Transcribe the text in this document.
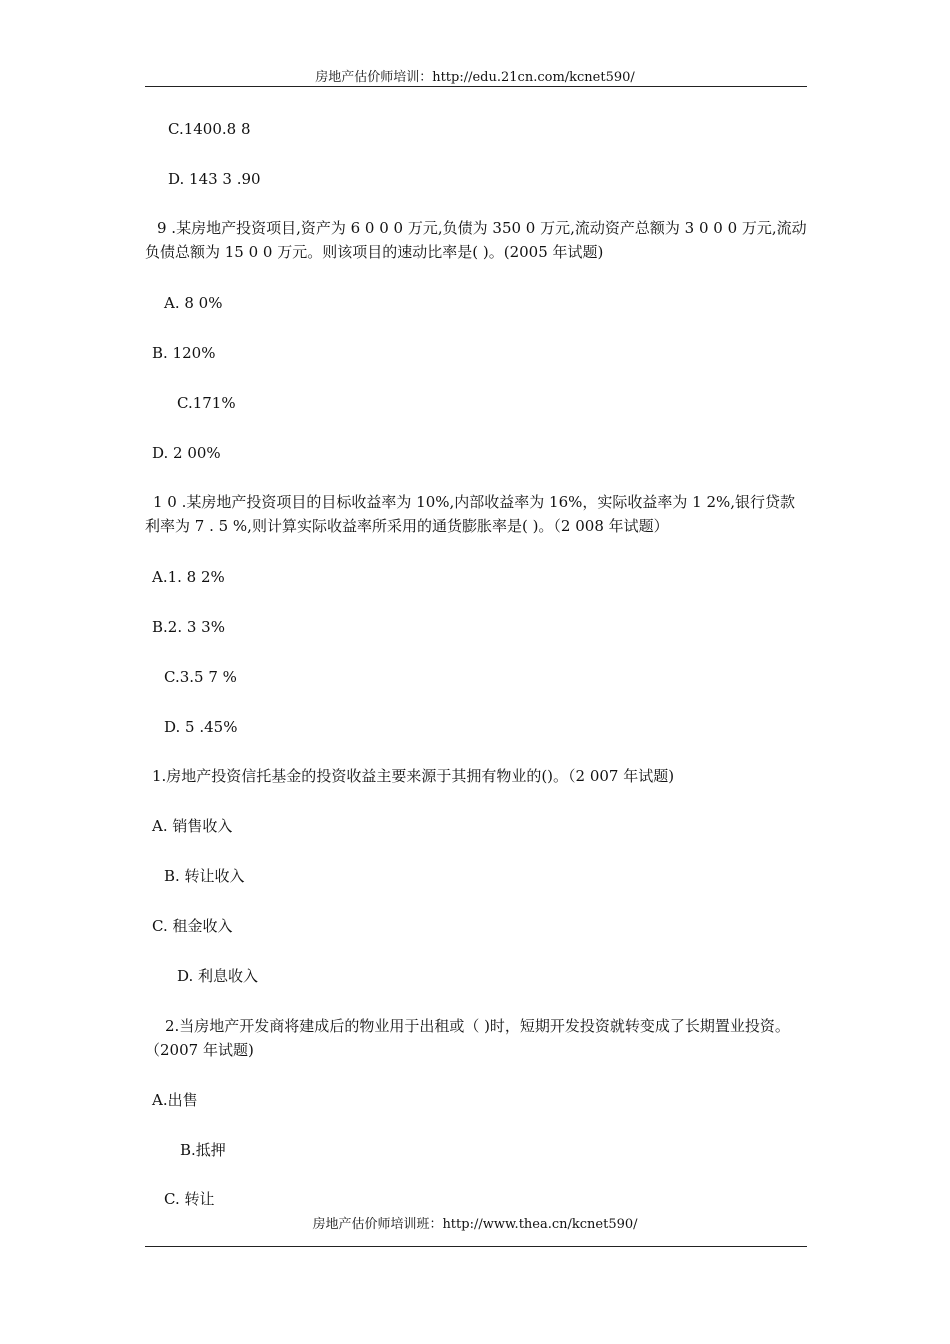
房地产估价师培训：http://edu.21cn.com/kcnet590/
C.1400.8 8
D. 143 3 .90
9 .某房地产投资项目,资产为 6 0 0 0 万元,负债为 350 0 万元,流动资产总额为 3 0 0 0 万元,流动负债总额为 15 0 0 万元。则该项目的速动比率是( )。(2005 年试题)
A. 8 0%
B. 120%
C.171%
D. 2 00%
1 0 .某房地产投资项目的目标收益率为 10%,内部收益率为 16%，实际收益率为 1 2%,银行贷款利率为 7 . 5 %,则计算实际收益率所采用的通货膨胀率是( )。（2 008 年试题）
A.1. 8 2%
B.2. 3 3%
C.3.5 7 %
D. 5 .45%
1.房地产投资信托基金的投资收益主要来源于其拥有物业的()。（2 007 年试题)
A. 销售收入
B. 转让收入
C. 租金收入
D. 利息收入
2.当房地产开发商将建成后的物业用于出租或（ )时，短期开发投资就转变成了长期置业投资。（2007 年试题)
A.出售
B.抵押
C. 转让
房地产估价师培训班：http://www.thea.cn/kcnet590/
